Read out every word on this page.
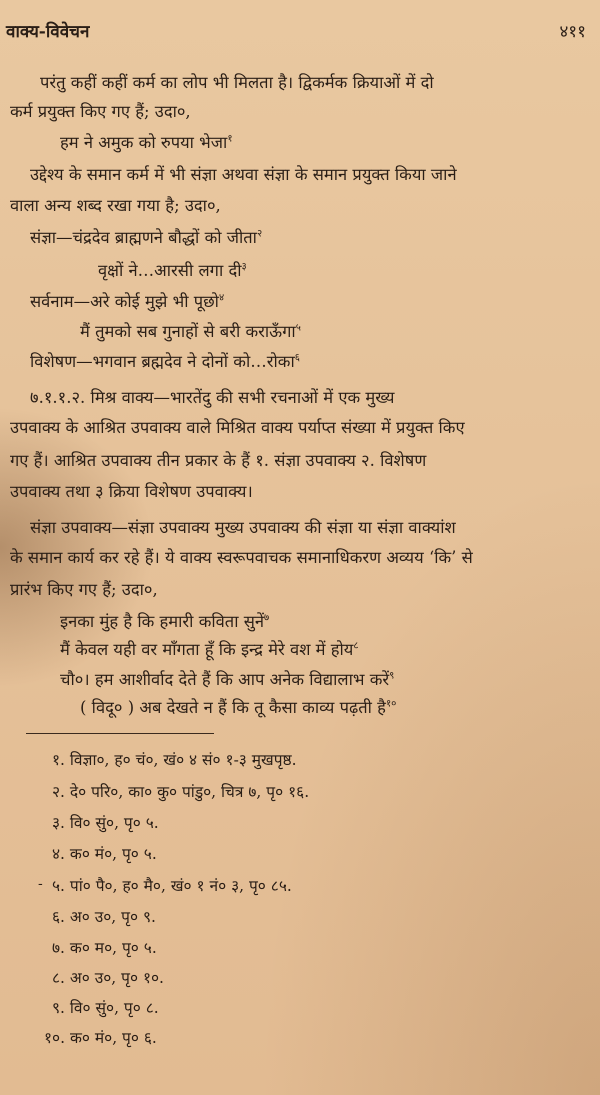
वाक्य-विवेचन	४११
परंतु कहीं कहीं कर्म का लोप भी मिलता है। द्विकर्मक क्रियाओं में दो
कर्म प्रयुक्त किए गए हैं; उदा०,
हम ने अमुक को रुपया भेजा$^१$
उद्देश्य के समान कर्म में भी संज्ञा अथवा संज्ञा के समान प्रयुक्त किया जाने
वाला अन्य शब्द रखा गया है; उदा०,
संज्ञा—चंद्रदेव ब्राह्मणने बौद्धों को जीता$^२$
वृक्षों ने…आरसी लगा दी$^३$
सर्वनाम—अरे कोई मुझे भी पूछो$^४$
मैं तुमको सब गुनाहों से बरी कराऊँगा$^५$
विशेषण—भगवान ब्रह्मदेव ने दोनों को…रोका$^६$
७.१.१.२. मिश्र वाक्य—भारतेंदु की सभी रचनाओं में एक मुख्य
उपवाक्य के आश्रित उपवाक्य वाले मिश्रित वाक्य पर्याप्त संख्या में प्रयुक्त किए
गए हैं। आश्रित उपवाक्य तीन प्रकार के हैं १. संज्ञा उपवाक्य २. विशेषण
उपवाक्य तथा ३ क्रिया विशेषण उपवाक्य।
संज्ञा उपवाक्य—संज्ञा उपवाक्य मुख्य उपवाक्य की संज्ञा या संज्ञा वाक्यांश
के समान कार्य कर रहे हैं। ये वाक्य स्वरूपवाचक समानाधिकरण अव्यय ‘कि’ से
प्रारंभ किए गए हैं; उदा०,
इनका मुंह है कि हमारी कविता सुनें$^७$
मैं केवल यही वर माँगता हूँ कि इन्द्र मेरे वश में होय$^८$
चौ०। हम आशीर्वाद देते हैं कि आप अनेक विद्यालाभ करें$^९$
( विदू० ) अब देखते न हैं कि तू कैसा काव्य पढ़ती है$^{१०}$
१. विज्ञा०, ह० चं०, खं० ४ सं० १-३ मुखपृष्ठ.
२. दे० परि०, का० कु० पांडु०, चित्र ७, पृ० १६.
३. वि० सुं०, पृ० ५.
४. क० मं०, पृ० ५.
- ५. पां० पै०, ह० मै०, खं० १ नं० ३, पृ० ८५.
६. अ० उ०, पृ० ९.
७. क० म०, पृ० ५.
८. अ० उ०, पृ० १०.
९. वि० सुं०, पृ० ८.
१०. क० मं०, पृ० ६.
